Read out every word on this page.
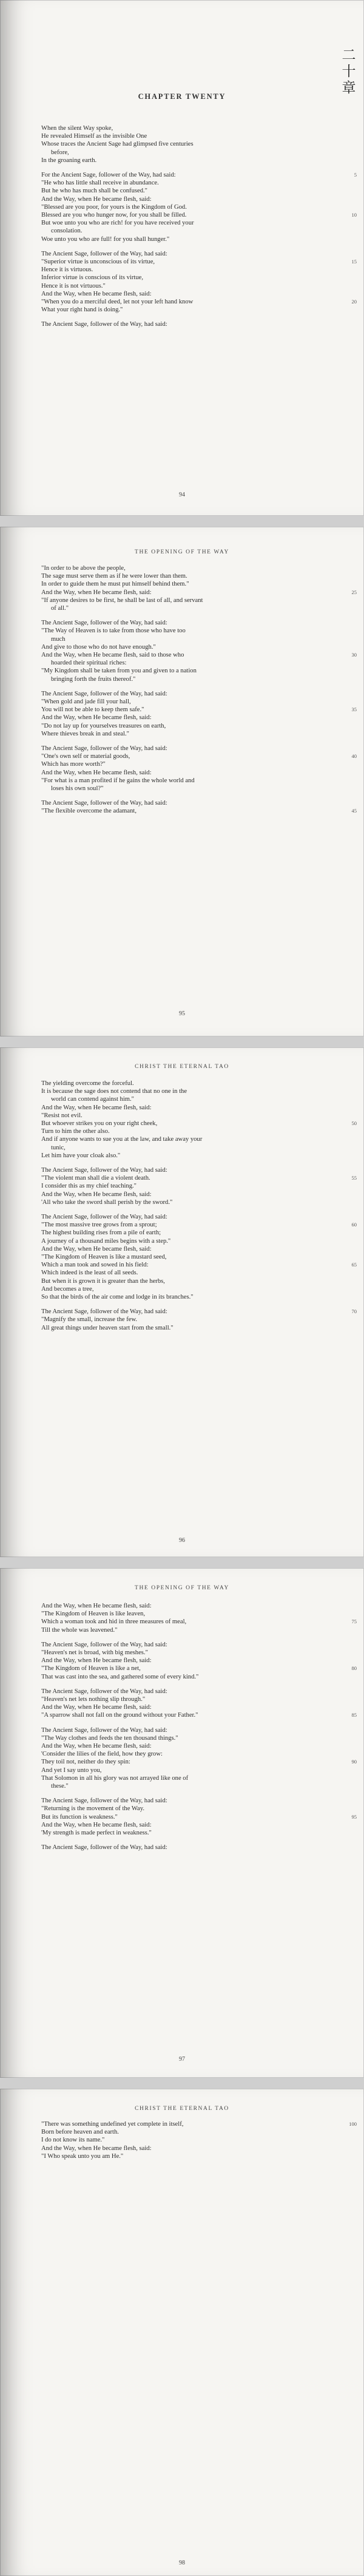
CHAPTER TWENTY
二
十
章
When the silent Way spoke,
He revealed Himself as the invisible One
Whose traces the Ancient Sage had glimpsed five centuries
before,
In the groaning earth.
For the Ancient Sage, follower of the Way, had said:	5
"He who has little shall receive in abundance.
But he who has much shall be confused."
And the Way, when He became flesh, said:
"Blessed are you poor, for yours is the Kingdom of God.
Blessed are you who hunger now, for you shall be filled.	10
But woe unto you who are rich! for you have received your
consolation.
Woe unto you who are full! for you shall hunger."
The Ancient Sage, follower of the Way, had said:
"Superior virtue is unconscious of its virtue,	15
Hence it is virtuous.
Inferior virtue is conscious of its virtue,
Hence it is not virtuous."
And the Way, when He became flesh, said:
"When you do a merciful deed, let not your left hand know	20
What your right hand is doing."
The Ancient Sage, follower of the Way, had said:
94
THE OPENING OF THE WAY
"In order to be above the people,
The sage must serve them as if he were lower than them.
In order to guide them he must put himself behind them."
And the Way, when He became flesh, said:	25
"If anyone desires to be first, he shall be last of all, and servant
of all."
The Ancient Sage, follower of the Way, had said:
"The Way of Heaven is to take from those who have too
much
And give to those who do not have enough."
And the Way, when He became flesh, said to those who	30
hoarded their spiritual riches:
"My Kingdom shall be taken from you and given to a nation
bringing forth the fruits thereof."
The Ancient Sage, follower of the Way, had said:
"When gold and jade fill your hall,
You will not be able to keep them safe."	35
And the Way, when He became flesh, said:
"Do not lay up for yourselves treasures on earth,
Where thieves break in and steal."
The Ancient Sage, follower of the Way, had said:
"One's own self or material goods,	40
Which has more worth?"
And the Way, when He became flesh, said:
"For what is a man profited if he gains the whole world and
loses his own soul?"
The Ancient Sage, follower of the Way, had said:
"The flexible overcome the adamant,	45
95
CHRIST THE ETERNAL TAO
The yielding overcome the forceful.
It is because the sage does not contend that no one in the
world can contend against him."
And the Way, when He became flesh, said:
"Resist not evil.
But whoever strikes you on your right cheek,	50
Turn to him the other also.
And if anyone wants to sue you at the law, and take away your
tunic,
Let him have your cloak also."
The Ancient Sage, follower of the Way, had said:
"The violent man shall die a violent death.	55
I consider this as my chief teaching."
And the Way, when He became flesh, said:
'All who take the sword shall perish by the sword."
The Ancient Sage, follower of the Way, had said:
"The most massive tree grows from a sprout;	60
The highest building rises from a pile of earth;
A journey of a thousand miles begins with a step."
And the Way, when He became flesh, said:
"The Kingdom of Heaven is like a mustard seed,
Which a man took and sowed in his field:	65
Which indeed is the least of all seeds.
But when it is grown it is greater than the herbs,
And becomes a tree,
So that the birds of the air come and lodge in its branches."
The Ancient Sage, follower of the Way, had said:	70
"Magnify the small, increase the few.
All great things under heaven start from the small."
96
THE OPENING OF THE WAY
And the Way, when He became flesh, said:
"The Kingdom of Heaven is like leaven,
Which a woman took and hid in three measures of meal,	75
Till the whole was leavened."
The Ancient Sage, follower of the Way, had said:
"Heaven's net is broad, with big meshes."
And the Way, when He became flesh, said:
"The Kingdom of Heaven is like a net,	80
That was cast into the sea, and gathered some of every kind."
The Ancient Sage, follower of the Way, had said:
"Heaven's net lets nothing slip through."
And the Way, when He became flesh, said:
"A sparrow shall not fall on the ground without your Father."	85
The Ancient Sage, follower of the Way, had said:
"The Way clothes and feeds the ten thousand things."
And the Way, when He became flesh, said:
'Consider the lilies of the field, how they grow:
They toil not, neither do they spin:	90
And yet I say unto you,
That Solomon in all his glory was not arrayed like one of
these."
The Ancient Sage, follower of the Way, had said:
"Returning is the movement of the Way.
But its function is weakness."	95
And the Way, when He became flesh, said:
'My strength is made perfect in weakness."
The Ancient Sage, follower of the Way, had said:
97
CHRIST THE ETERNAL TAO
"There was something undefined yet complete in itself,	100
Born before heaven and earth.
I do not know its name."
And the Way, when He became flesh, said:
"I Who speak unto you am He."
98
